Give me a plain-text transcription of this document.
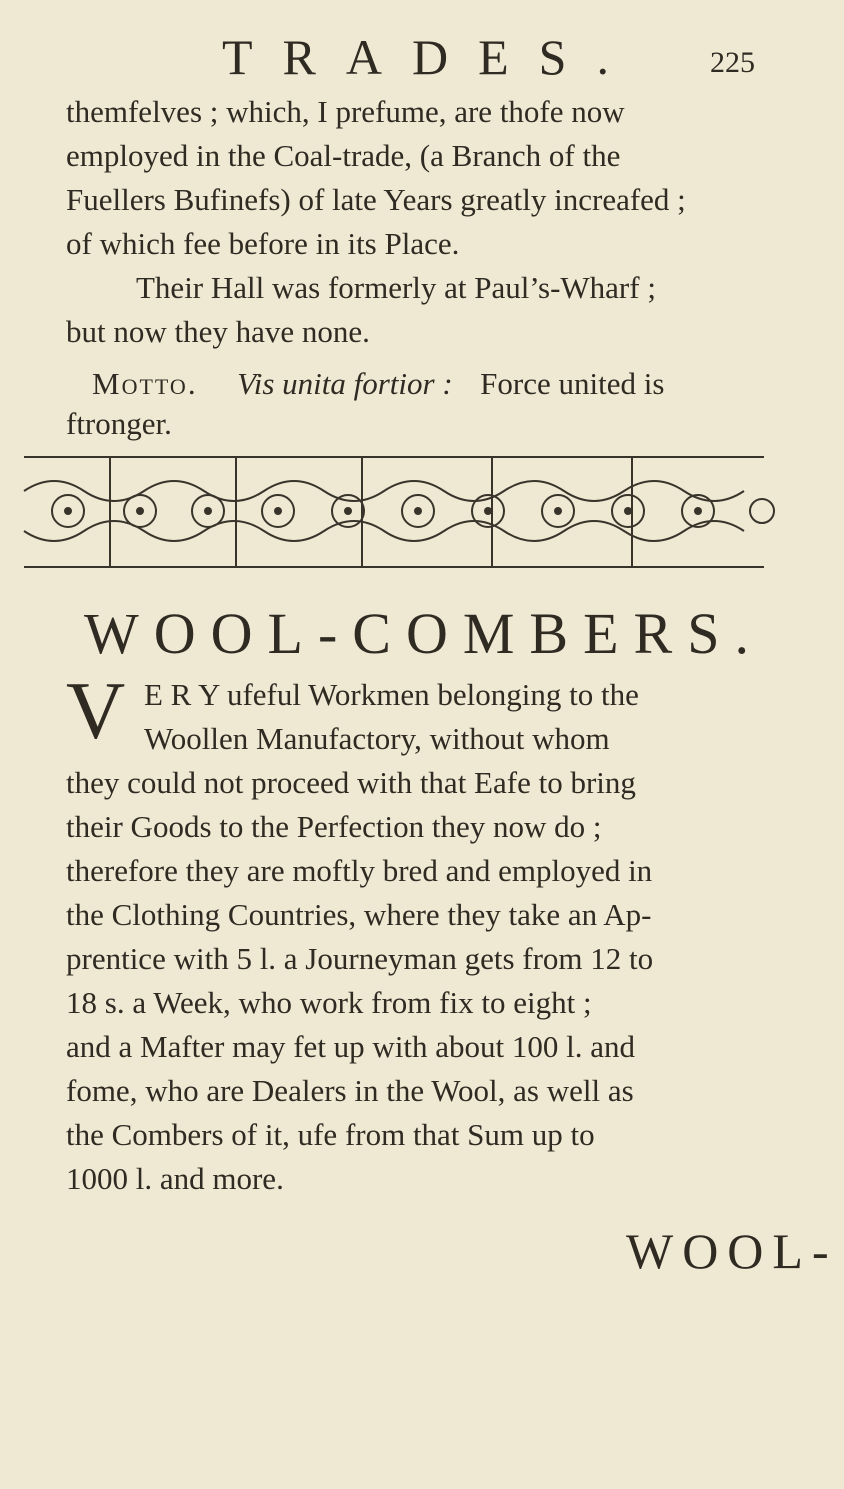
TRADES. 225
themfelves ; which, I prefume, are thofe now
employed in the Coal-trade, (a Branch of the
Fuellers Bufinefs) of late Years greatly increafed ;
of which fee before in its Place.
Their Hall was formerly at Paul’s-Wharf ;
but now they have none.
Motto. Vis unita fortior : Force united is
ftronger.
WOOL-COMBERS.
V E R Y ufeful Workmen belonging to the
Woollen Manufactory, without whom
they could not proceed with that Eafe to bring
their Goods to the Perfection they now do ;
therefore they are moftly bred and employed in
the Clothing Countries, where they take an Ap-
prentice with 5 l. a Journeyman gets from 12 to
18 s. a Week, who work from fix to eight ;
and a Mafter may fet up with about 100 l. and
fome, who are Dealers in the Wool, as well as
the Combers of it, ufe from that Sum up to
1000 l. and more.
WOOL-
